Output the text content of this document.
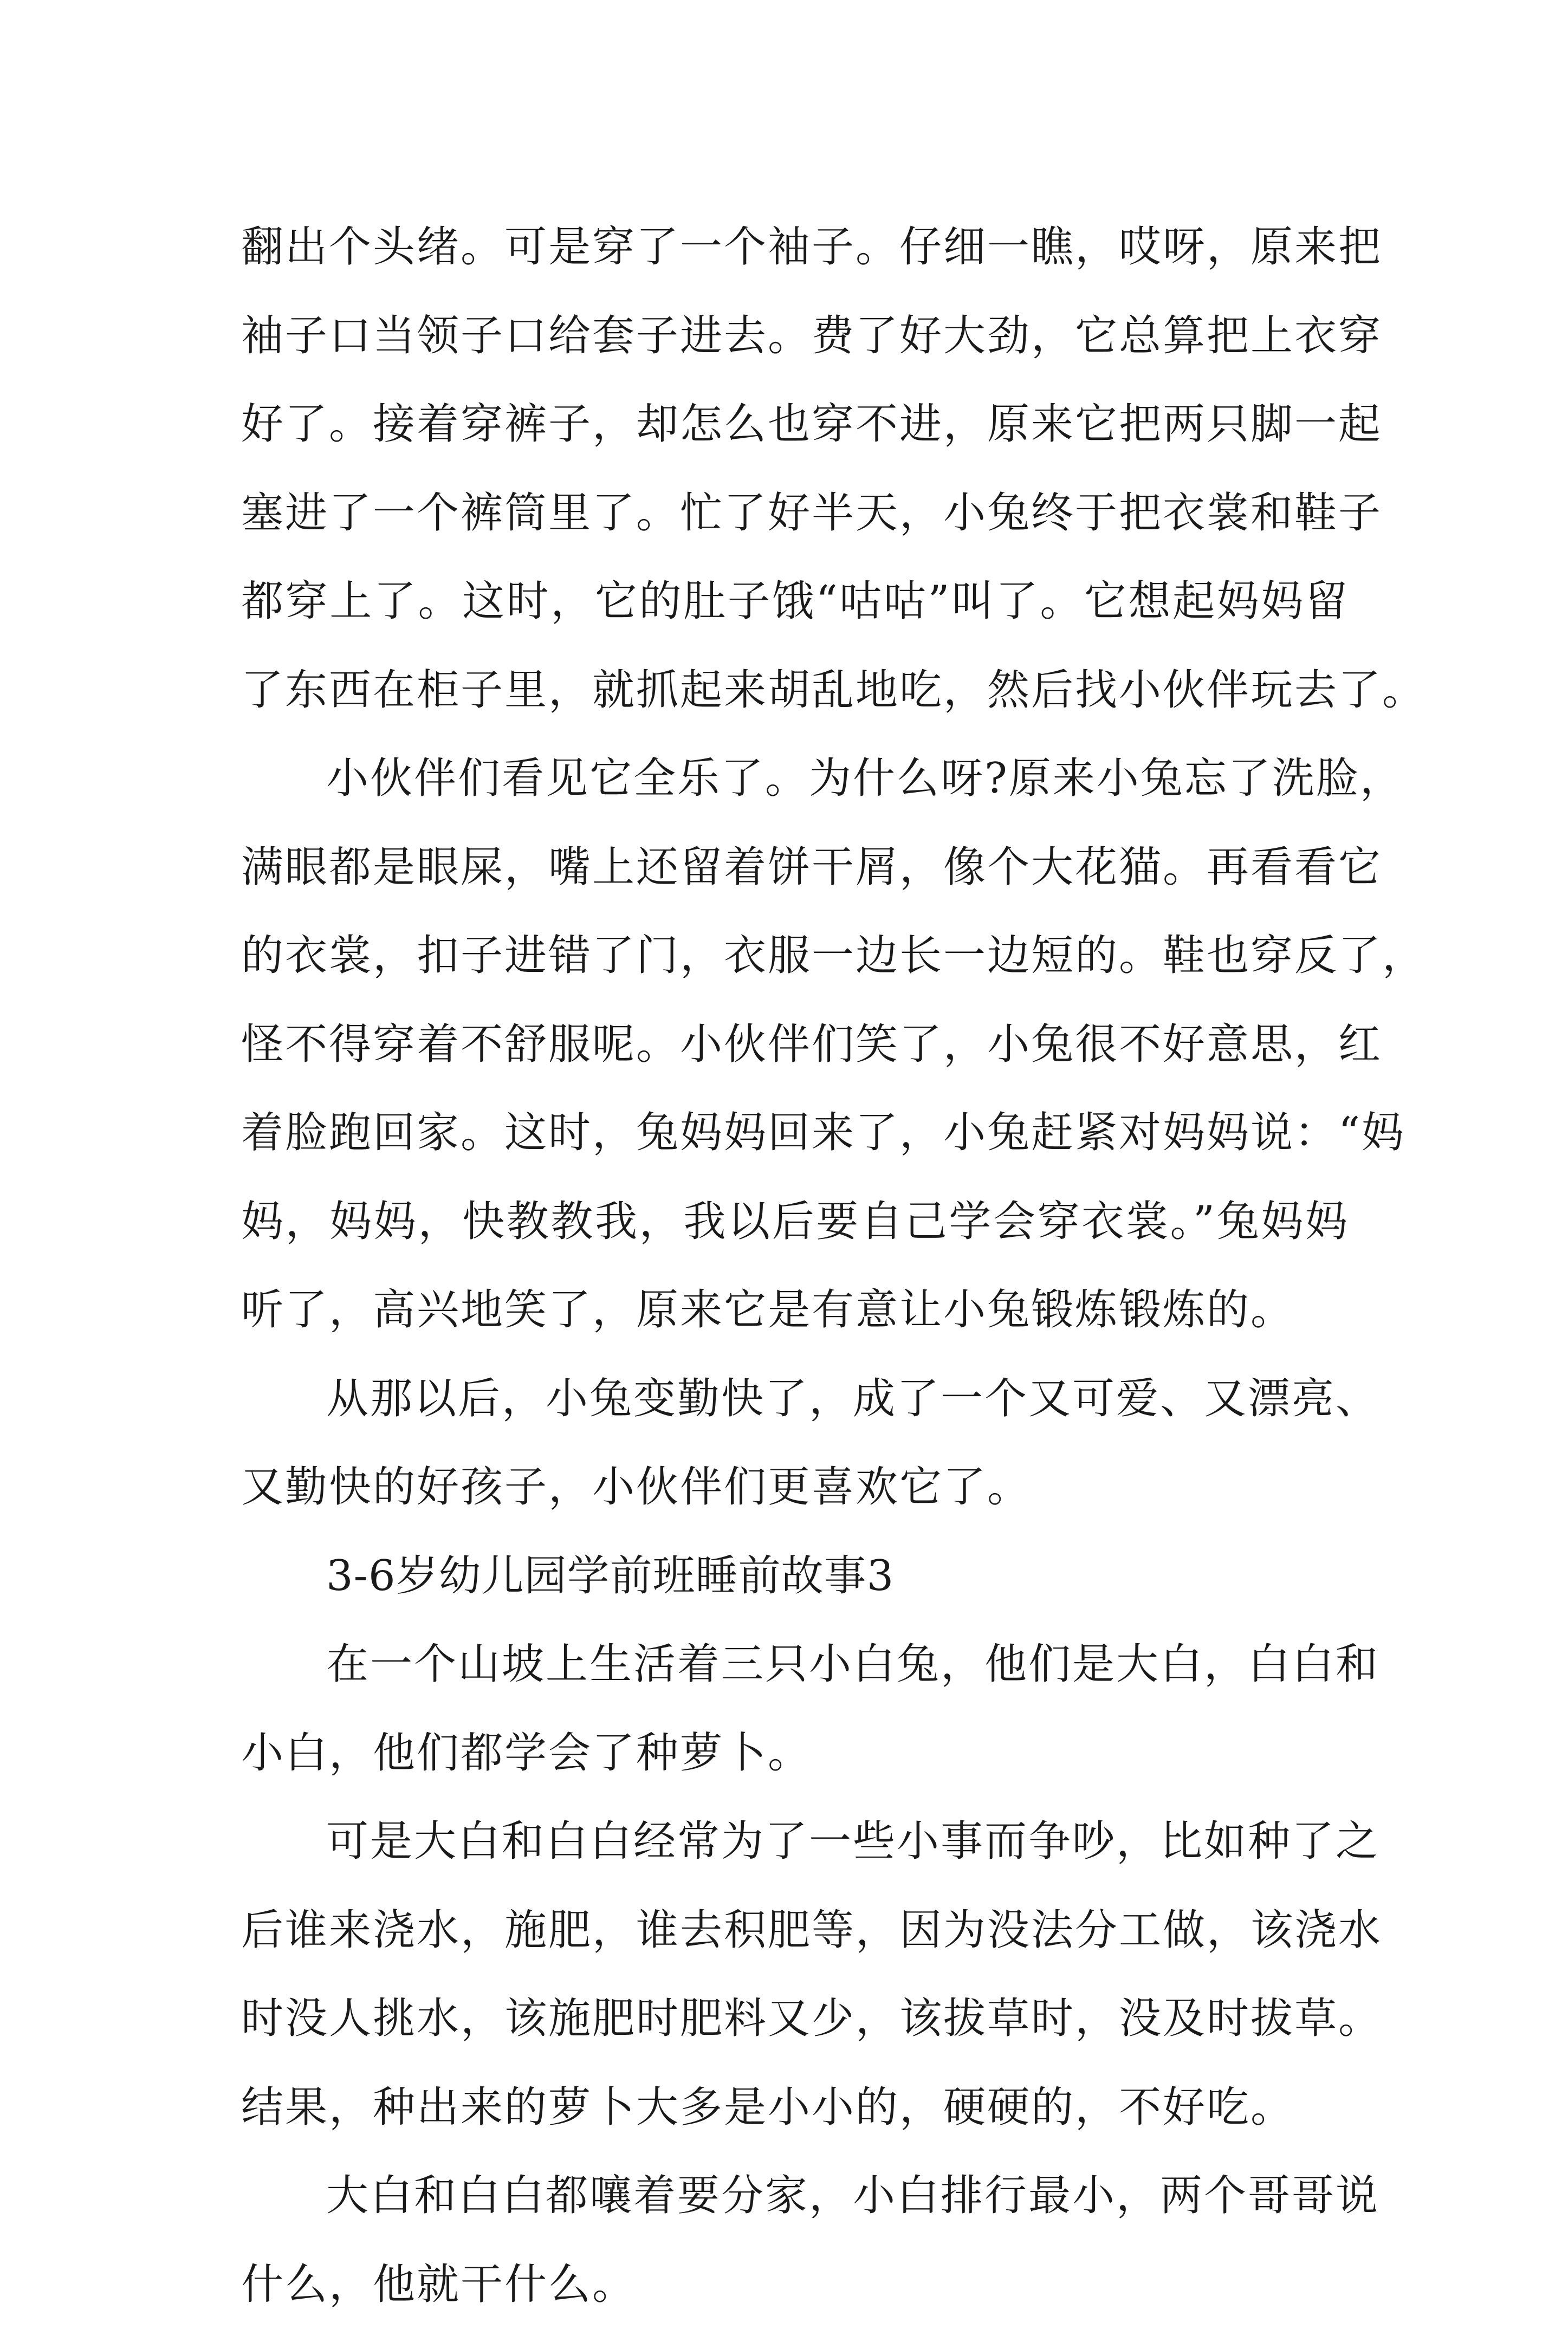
翻出个头绪。可是穿了一个袖子。仔细一瞧，哎呀，原来把
袖子口当领子口给套子进去。费了好大劲，它总算把上衣穿
好了。接着穿裤子，却怎么也穿不进，原来它把两只脚一起
塞进了一个裤筒里了。忙了好半天，小兔终于把衣裳和鞋子
都穿上了。这时，它的肚子饿“咕咕”叫了。它想起妈妈留
了东西在柜子里，就抓起来胡乱地吃，然后找小伙伴玩去了。
小伙伴们看见它全乐了。为什么呀?原来小兔忘了洗脸，
满眼都是眼屎，嘴上还留着饼干屑，像个大花猫。再看看它
的衣裳，扣子进错了门，衣服一边长一边短的。鞋也穿反了，
怪不得穿着不舒服呢。小伙伴们笑了，小兔很不好意思，红
着脸跑回家。这时，兔妈妈回来了，小兔赶紧对妈妈说：“妈
妈，妈妈，快教教我，我以后要自己学会穿衣裳。”兔妈妈
听了，高兴地笑了，原来它是有意让小兔锻炼锻炼的。
从那以后，小兔变勤快了，成了一个又可爱、又漂亮、
又勤快的好孩子，小伙伴们更喜欢它了。
3-6岁幼儿园学前班睡前故事3
在一个山坡上生活着三只小白兔，他们是大白，白白和
小白，他们都学会了种萝卜。
可是大白和白白经常为了一些小事而争吵，比如种了之
后谁来浇水，施肥，谁去积肥等，因为没法分工做，该浇水
时没人挑水，该施肥时肥料又少，该拔草时，没及时拔草。
结果，种出来的萝卜大多是小小的，硬硬的，不好吃。
大白和白白都嚷着要分家，小白排行最小，两个哥哥说
什么，他就干什么。
